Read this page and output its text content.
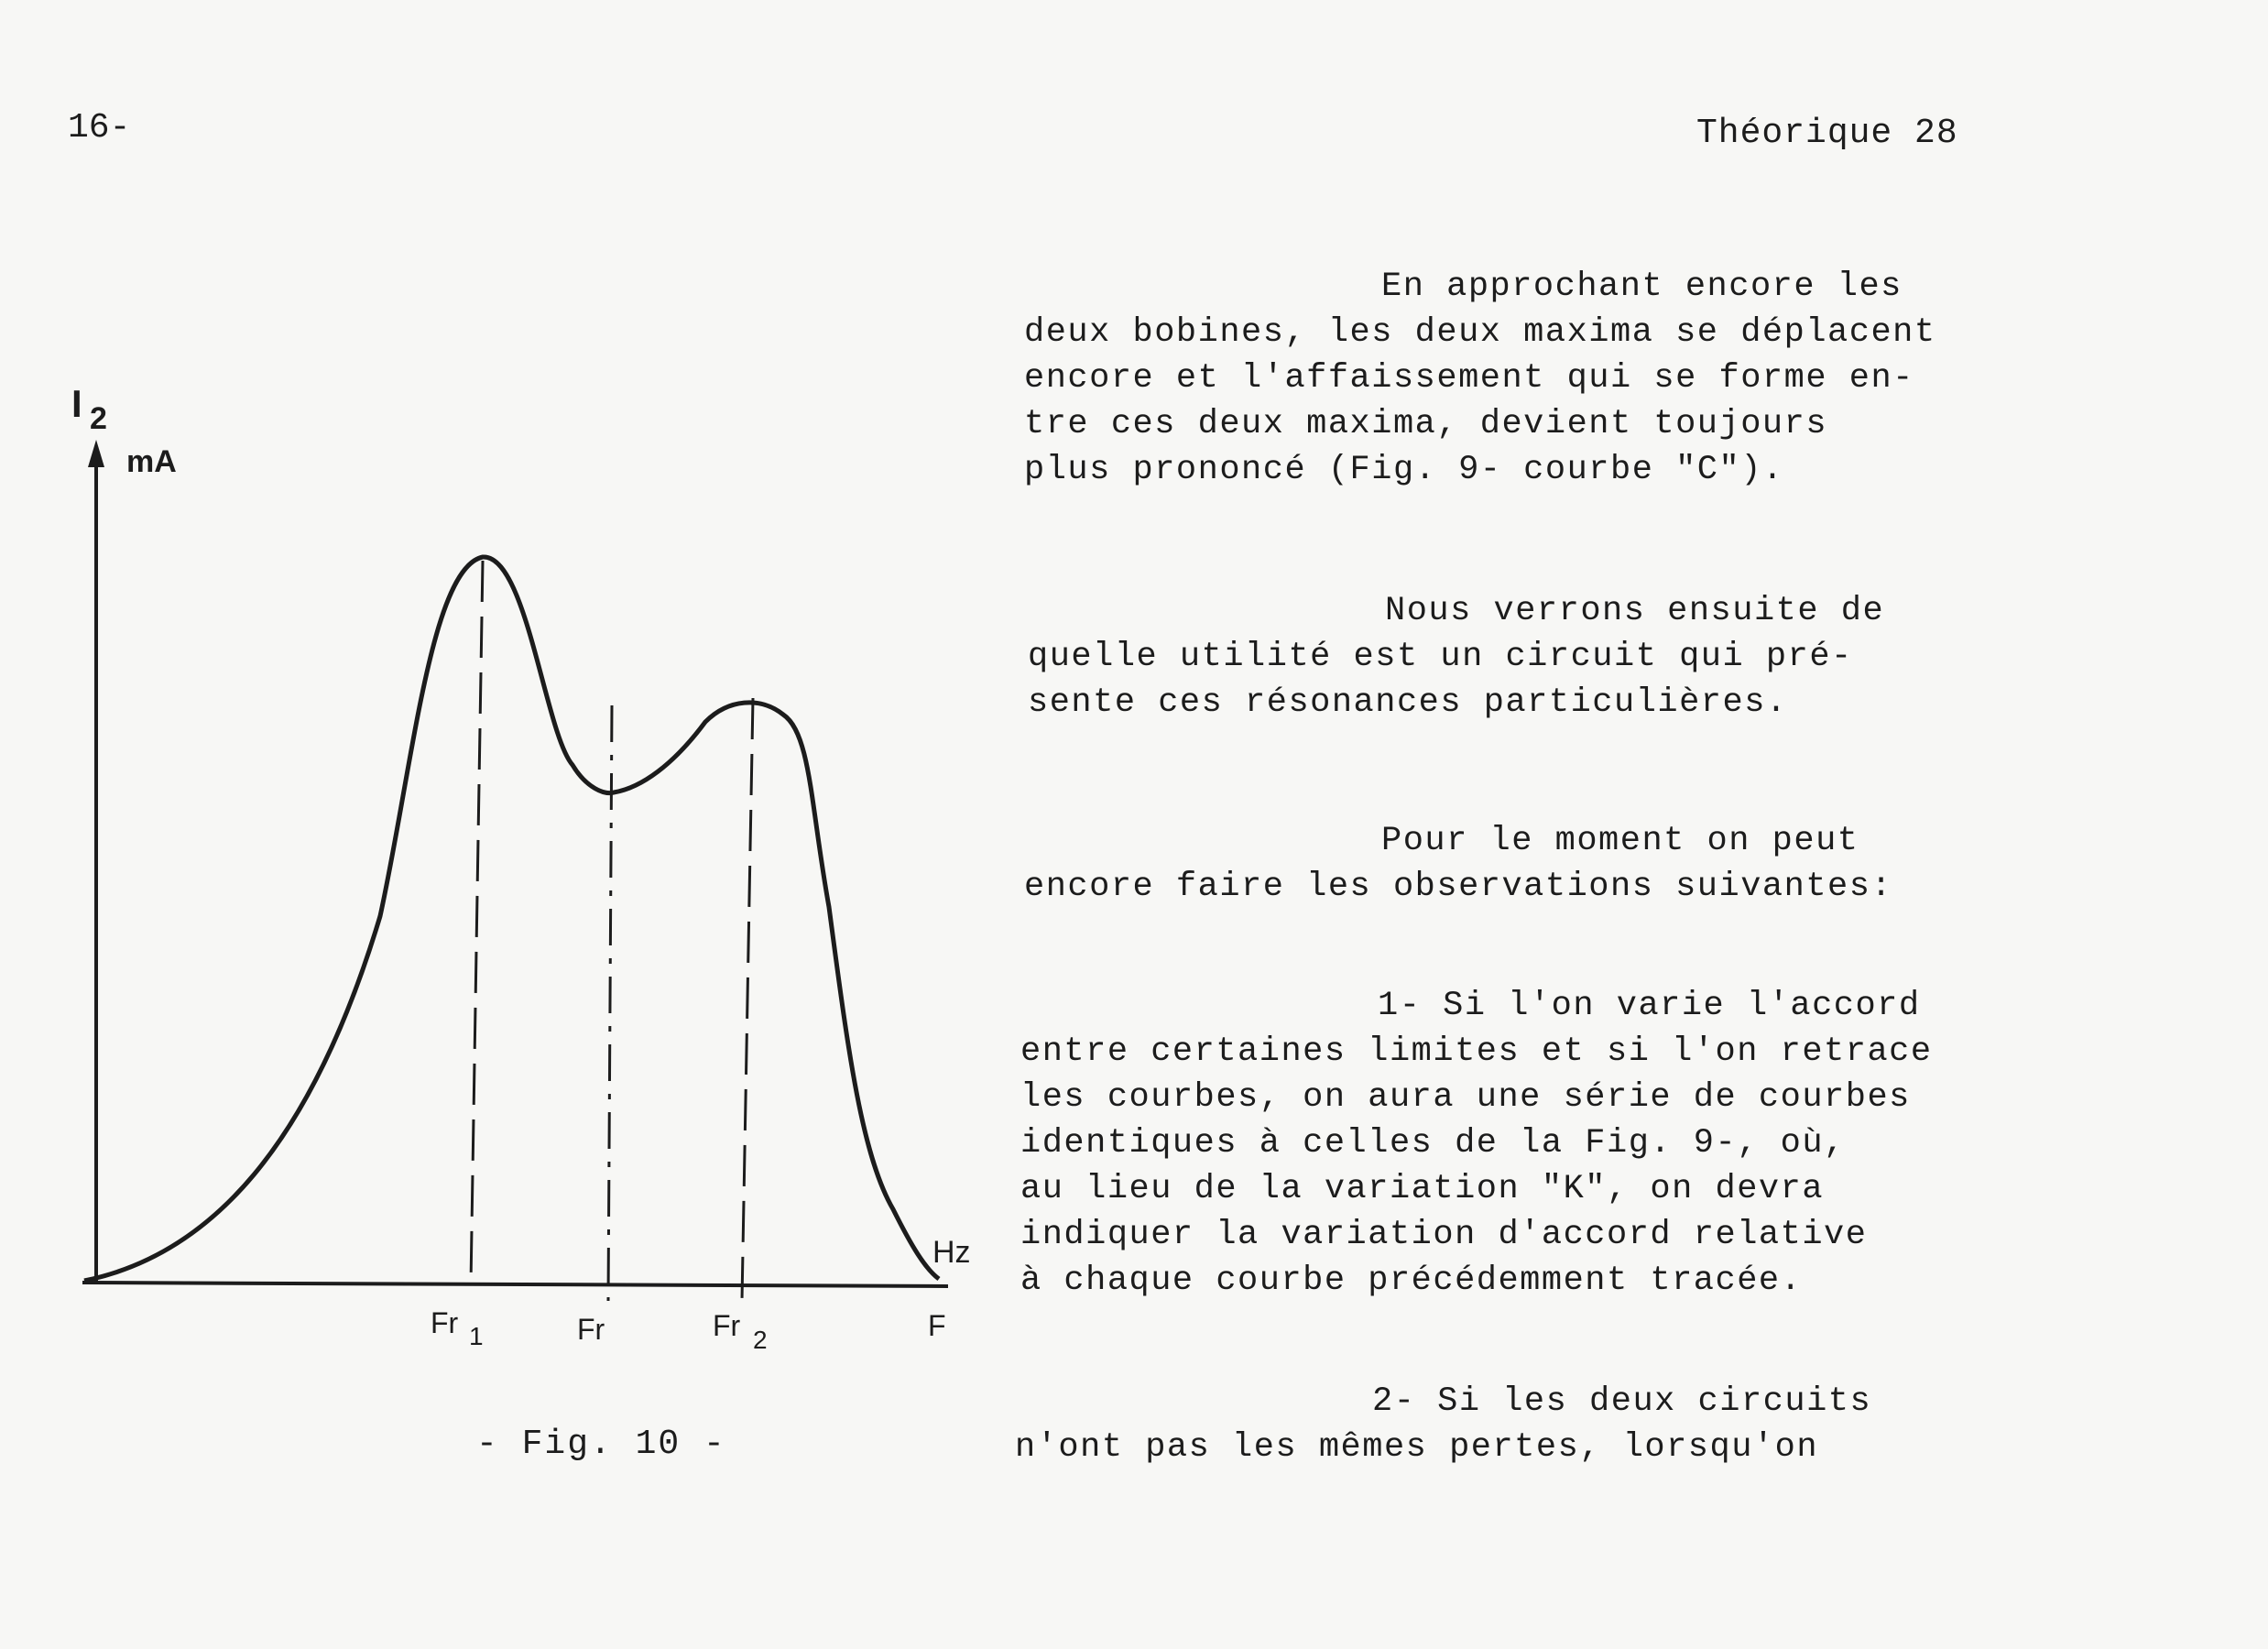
16-	Théorique 28
I 2
mA
Hz
Fr 1	Fr	Fr 2	F
- Fig. 10 -
En approchant encore les
deux bobines, les deux maxima se déplacent
encore et l'affaissement qui se forme en-
tre ces deux maxima, devient toujours
plus prononcé (Fig. 9- courbe "C").
Nous verrons ensuite de
quelle utilité est un circuit qui pré-
sente ces résonances particulières.
Pour le moment on peut
encore faire les observations suivantes:
1- Si l'on varie l'accord
entre certaines limites et si l'on retrace
les courbes, on aura une série de courbes
identiques à celles de la Fig. 9-, où,
au lieu de la variation "K", on devra
indiquer la variation d'accord relative
à chaque courbe précédemment tracée.
2- Si les deux circuits
n'ont pas les mêmes pertes, lorsqu'on
